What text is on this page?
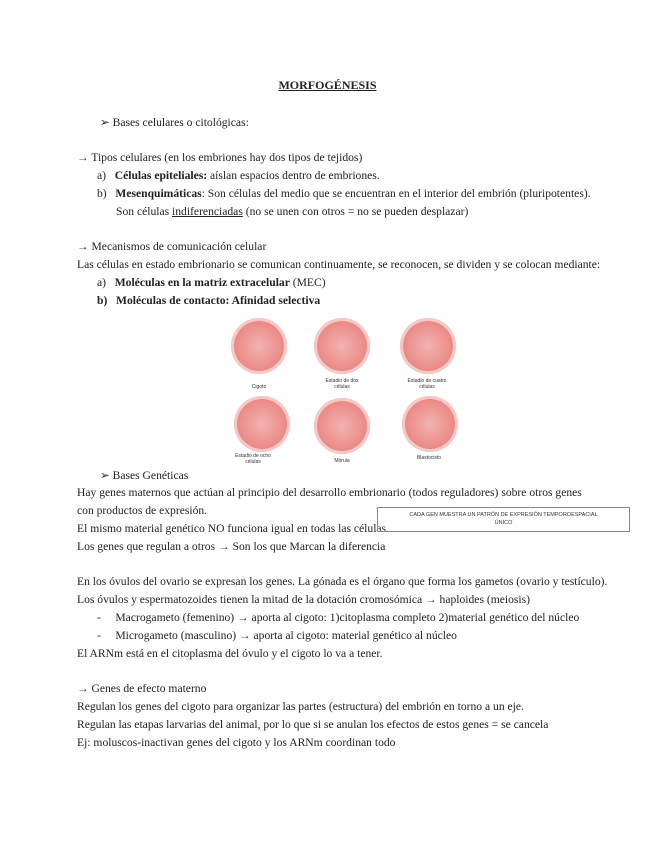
MORFOGÉNESIS
➢ Bases celulares o citológicas:
→ Tipos celulares (en los embriones hay dos tipos de tejidos)
a) Células epiteliales: aíslan espacios dentro de embriones.
b) Mesenquimáticas: Son células del medio que se encuentran en el interior del embrión (pluripotentes).
Son células indiferenciadas (no se unen con otros = no se pueden desplazar)
→ Mecanismos de comunicación celular
Las células en estado embrionario se comunican continuamente, se reconocen, se dividen y se colocan mediante:
a) Moléculas en la matriz extracelular (MEC)
b) Moléculas de contacto: Afinidad selectiva
Cigoto
Estadio de dos células
Estadio de cuatro células
Estadio de ocho células	Mórula	Blastocisto
➢ Bases Genéticas
Hay genes maternos que actúan al principio del desarrollo embrionario (todos reguladores) sobre otros genes
con productos de expresión.
El mismo material genético NO funciona igual en todas las células.
Los genes que regulan a otros → Son los que Marcan la diferencia
CADA GEN MUESTRA UN PATRÓN DE EXPRESIÓN TEMPOROESPACIAL
ÚNICO
En los óvulos del ovario se expresan los genes. La gónada es el órgano que forma los gametos (ovario y testículo).
Los óvulos y espermatozoides tienen la mitad de la dotación cromosómica → haploides (meiosis)
- Macrogameto (femenino) → aporta al cigoto: 1)citoplasma completo 2)material genético del núcleo
- Microgameto (masculino) → aporta al cigoto: material genético al núcleo
El ARNm está en el citoplasma del óvulo y el cigoto lo va a tener.
→ Genes de efecto materno
Regulan los genes del cigoto para organizar las partes (estructura) del embrión en torno a un eje.
Regulan las etapas larvarias del animal, por lo que si se anulan los efectos de estos genes = se cancela
Ej: moluscos-inactivan genes del cigoto y los ARNm coordinan todo
